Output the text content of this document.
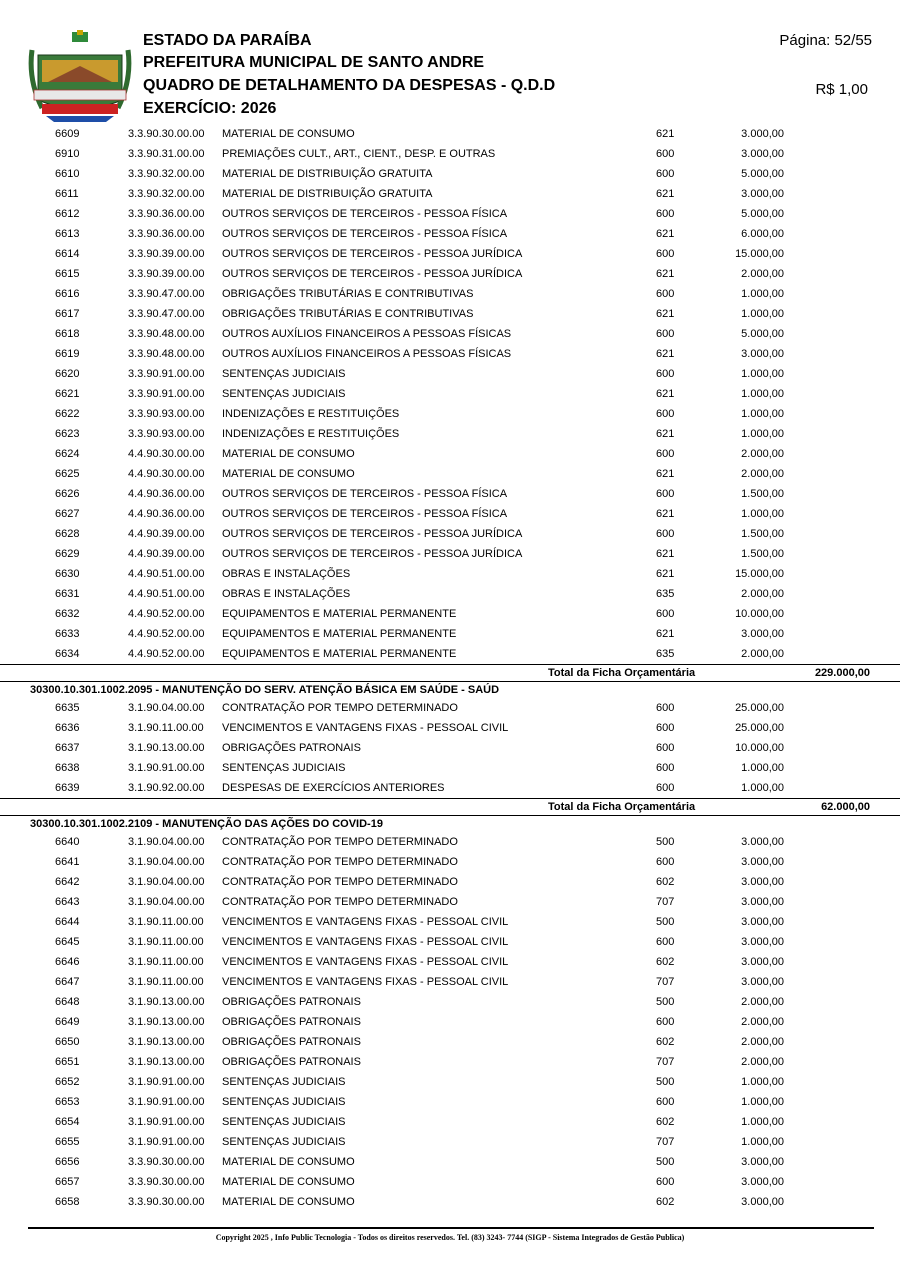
ESTADO DA PARAÍBA
PREFEITURA MUNICIPAL DE SANTO ANDRE
QUADRO DE DETALHAMENTO DA DESPESAS - Q.D.D
EXERCÍCIO: 2026
Página: 52/55
R$ 1,00
6609	3.3.90.30.00.00 MATERIAL DE CONSUMO	621	3.000,00
6910	3.3.90.31.00.00 PREMIAÇÕES CULT., ART., CIENT., DESP. E OUTRAS	600	3.000,00
6610	3.3.90.32.00.00 MATERIAL DE DISTRIBUIÇÃO GRATUITA	600	5.000,00
6611	3.3.90.32.00.00 MATERIAL DE DISTRIBUIÇÃO GRATUITA	621	3.000,00
6612	3.3.90.36.00.00 OUTROS SERVIÇOS DE TERCEIROS - PESSOA FÍSICA	600	5.000,00
6613	3.3.90.36.00.00 OUTROS SERVIÇOS DE TERCEIROS - PESSOA FÍSICA	621	6.000,00
6614	3.3.90.39.00.00 OUTROS SERVIÇOS DE TERCEIROS - PESSOA JURÍDICA	600	15.000,00
6615	3.3.90.39.00.00 OUTROS SERVIÇOS DE TERCEIROS - PESSOA JURÍDICA	621	2.000,00
6616	3.3.90.47.00.00 OBRIGAÇÕES TRIBUTÁRIAS E CONTRIBUTIVAS	600	1.000,00
6617	3.3.90.47.00.00 OBRIGAÇÕES TRIBUTÁRIAS E CONTRIBUTIVAS	621	1.000,00
6618	3.3.90.48.00.00 OUTROS AUXÍLIOS FINANCEIROS A PESSOAS FÍSICAS	600	5.000,00
6619	3.3.90.48.00.00 OUTROS AUXÍLIOS FINANCEIROS A PESSOAS FÍSICAS	621	3.000,00
6620	3.3.90.91.00.00 SENTENÇAS JUDICIAIS	600	1.000,00
6621	3.3.90.91.00.00 SENTENÇAS JUDICIAIS	621	1.000,00
6622	3.3.90.93.00.00 INDENIZAÇÕES E RESTITUIÇÕES	600	1.000,00
6623	3.3.90.93.00.00 INDENIZAÇÕES E RESTITUIÇÕES	621	1.000,00
6624	4.4.90.30.00.00 MATERIAL DE CONSUMO	600	2.000,00
6625	4.4.90.30.00.00 MATERIAL DE CONSUMO	621	2.000,00
6626	4.4.90.36.00.00 OUTROS SERVIÇOS DE TERCEIROS - PESSOA FÍSICA	600	1.500,00
6627	4.4.90.36.00.00 OUTROS SERVIÇOS DE TERCEIROS - PESSOA FÍSICA	621	1.000,00
6628	4.4.90.39.00.00 OUTROS SERVIÇOS DE TERCEIROS - PESSOA JURÍDICA	600	1.500,00
6629	4.4.90.39.00.00 OUTROS SERVIÇOS DE TERCEIROS - PESSOA JURÍDICA	621	1.500,00
6630	4.4.90.51.00.00 OBRAS E INSTALAÇÕES	621	15.000,00
6631	4.4.90.51.00.00 OBRAS E INSTALAÇÕES	635	2.000,00
6632	4.4.90.52.00.00 EQUIPAMENTOS E MATERIAL PERMANENTE	600	10.000,00
6633	4.4.90.52.00.00 EQUIPAMENTOS E MATERIAL PERMANENTE	621	3.000,00
6634	4.4.90.52.00.00 EQUIPAMENTOS E MATERIAL PERMANENTE	635	2.000,00
Total da Ficha Orçamentária	229.000,00
30300.10.301.1002.2095 - MANUTENÇÃO DO SERV. ATENÇÃO BÁSICA EM SAÚDE - SAÚD
6635	3.1.90.04.00.00 CONTRATAÇÃO POR TEMPO DETERMINADO	600	25.000,00
6636	3.1.90.11.00.00 VENCIMENTOS E VANTAGENS FIXAS - PESSOAL CIVIL	600	25.000,00
6637	3.1.90.13.00.00 OBRIGAÇÕES PATRONAIS	600	10.000,00
6638	3.1.90.91.00.00 SENTENÇAS JUDICIAIS	600	1.000,00
6639	3.1.90.92.00.00 DESPESAS DE EXERCÍCIOS ANTERIORES	600	1.000,00
Total da Ficha Orçamentária	62.000,00
30300.10.301.1002.2109 - MANUTENÇÃO DAS AÇÕES DO COVID-19
6640	3.1.90.04.00.00 CONTRATAÇÃO POR TEMPO DETERMINADO	500	3.000,00
6641	3.1.90.04.00.00 CONTRATAÇÃO POR TEMPO DETERMINADO	600	3.000,00
6642	3.1.90.04.00.00 CONTRATAÇÃO POR TEMPO DETERMINADO	602	3.000,00
6643	3.1.90.04.00.00 CONTRATAÇÃO POR TEMPO DETERMINADO	707	3.000,00
6644	3.1.90.11.00.00 VENCIMENTOS E VANTAGENS FIXAS - PESSOAL CIVIL	500	3.000,00
6645	3.1.90.11.00.00 VENCIMENTOS E VANTAGENS FIXAS - PESSOAL CIVIL	600	3.000,00
6646	3.1.90.11.00.00 VENCIMENTOS E VANTAGENS FIXAS - PESSOAL CIVIL	602	3.000,00
6647	3.1.90.11.00.00 VENCIMENTOS E VANTAGENS FIXAS - PESSOAL CIVIL	707	3.000,00
6648	3.1.90.13.00.00 OBRIGAÇÕES PATRONAIS	500	2.000,00
6649	3.1.90.13.00.00 OBRIGAÇÕES PATRONAIS	600	2.000,00
6650	3.1.90.13.00.00 OBRIGAÇÕES PATRONAIS	602	2.000,00
6651	3.1.90.13.00.00 OBRIGAÇÕES PATRONAIS	707	2.000,00
6652	3.1.90.91.00.00 SENTENÇAS JUDICIAIS	500	1.000,00
6653	3.1.90.91.00.00 SENTENÇAS JUDICIAIS	600	1.000,00
6654	3.1.90.91.00.00 SENTENÇAS JUDICIAIS	602	1.000,00
6655	3.1.90.91.00.00 SENTENÇAS JUDICIAIS	707	1.000,00
6656	3.3.90.30.00.00 MATERIAL DE CONSUMO	500	3.000,00
6657	3.3.90.30.00.00 MATERIAL DE CONSUMO	600	3.000,00
6658	3.3.90.30.00.00 MATERIAL DE CONSUMO	602	3.000,00
Copyright 2025 , Info Public Tecnologia - Todos os direitos reservedos. Tel. (83) 3243- 7744 (SIGP - Sistema Integrados de Gestão Publica)
